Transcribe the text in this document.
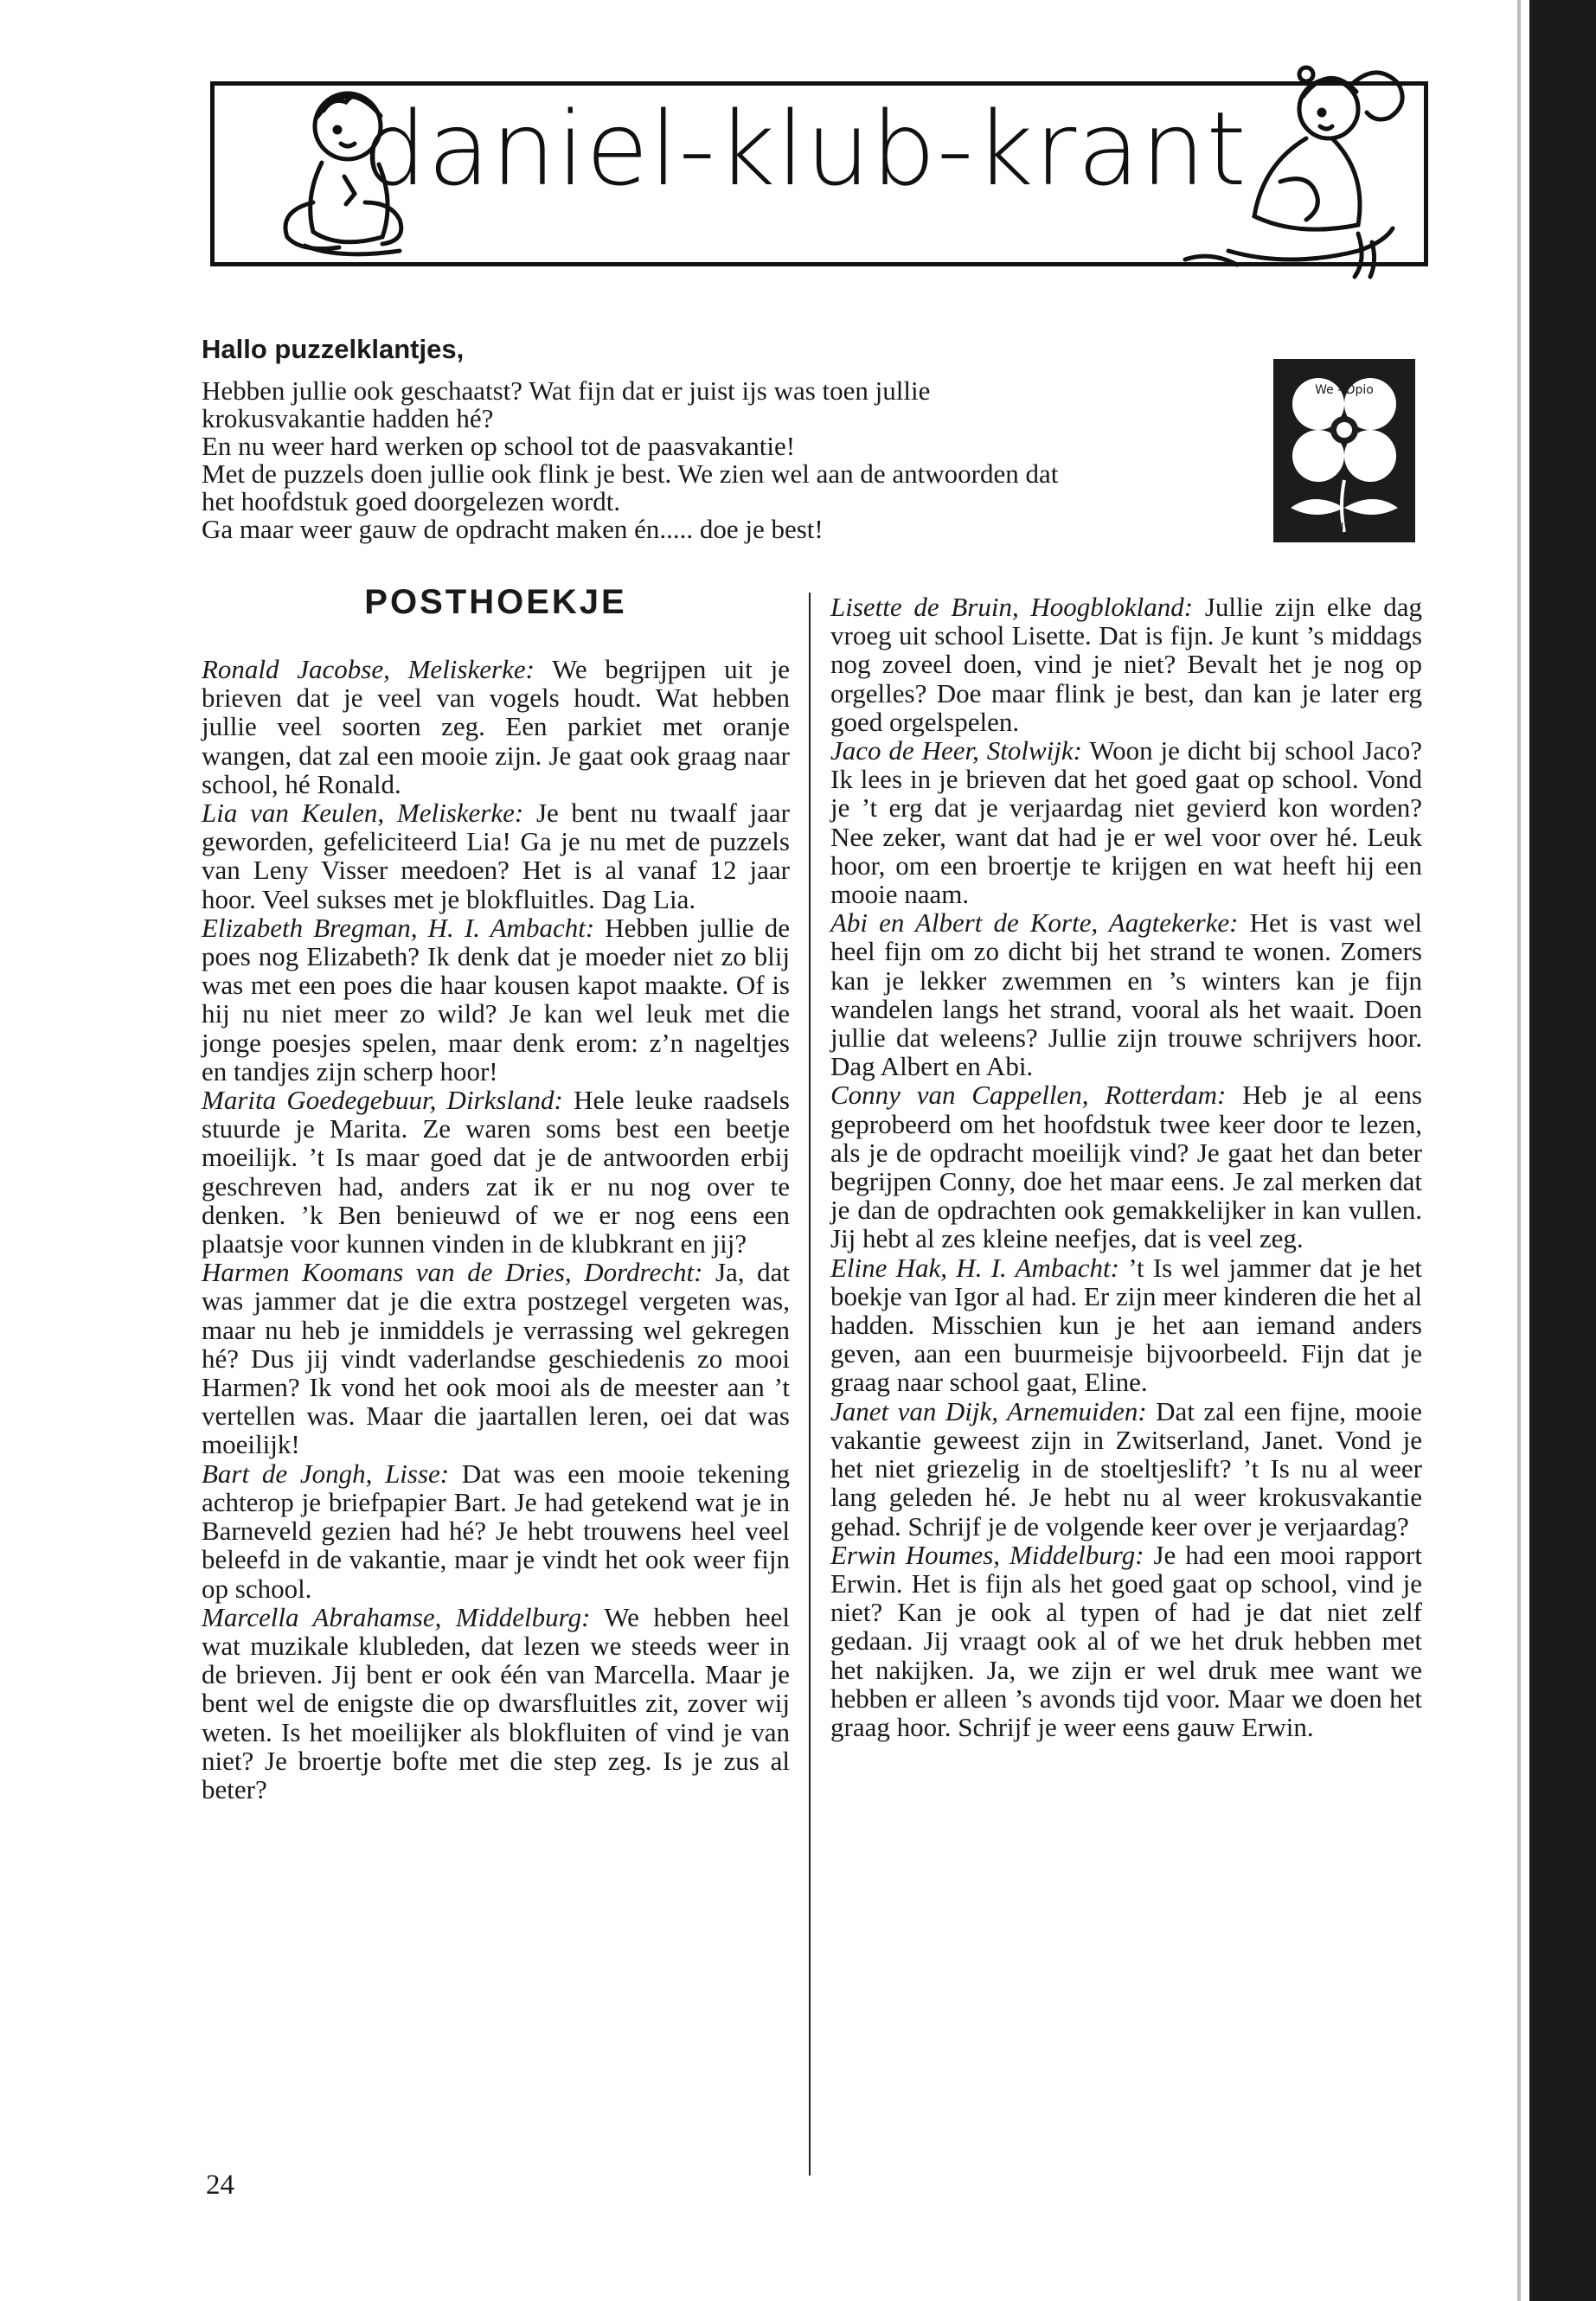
daniel-klub-krant
Hallo puzzelklantjes,

Hebben jullie ook geschaatst? Wat fijn dat er juist ijs was toen jullie

krokusvakantie hadden hé?

En nu weer hard werken op school tot de paasvakantie!

Met de puzzels doen jullie ook flink je best. We zien wel aan de antwoorden dat

het hoofdstuk goed doorgelezen wordt.

Ga maar weer gauw de opdracht maken én..... doe je best!

We - Dpio
daniël - klub
POSTHOEKJE

Ronald Jacobse, Meliskerke: We begrijpen uit je brieven dat je veel van vogels houdt. Wat hebben jullie veel soorten zeg. Een parkiet met oranje wangen, dat zal een mooie zijn. Je gaat ook graag naar school, hé Ronald.

Lia van Keulen, Meliskerke: Je bent nu twaalf jaar geworden, gefeliciteerd Lia! Ga je nu met de puzzels van Leny Visser meedoen? Het is al vanaf 12 jaar hoor. Veel sukses met je blokfluitles. Dag Lia.

Elizabeth Bregman, H. I. Ambacht: Hebben jullie de poes nog Elizabeth? Ik denk dat je moeder niet zo blij was met een poes die haar kousen kapot maakte. Of is hij nu niet meer zo wild? Je kan wel leuk met die jonge poesjes spelen, maar denk erom: z’n nageltjes en tandjes zijn scherp hoor!

Marita Goedegebuur, Dirksland: Hele leuke raadsels stuurde je Marita. Ze waren soms best een beetje moeilijk. ’t Is maar goed dat je de antwoorden erbij geschreven had, anders zat ik er nu nog over te denken. ’k Ben benieuwd of we er nog eens een plaatsje voor kunnen vinden in de klubkrant en jij?

Harmen Koomans van de Dries, Dordrecht: Ja, dat was jammer dat je die extra postzegel vergeten was, maar nu heb je inmiddels je verrassing wel gekregen hé? Dus jij vindt vaderlandse geschiedenis zo mooi Harmen? Ik vond het ook mooi als de meester aan ’t vertellen was. Maar die jaartallen leren, oei dat was moeilijk!

Bart de Jongh, Lisse: Dat was een mooie tekening achterop je briefpapier Bart. Je had getekend wat je in Barneveld gezien had hé? Je hebt trouwens heel veel beleefd in de vakantie, maar je vindt het ook weer fijn op school.

Marcella Abrahamse, Middelburg: We hebben heel wat muzikale klubleden, dat lezen we steeds weer in de brieven. Jij bent er ook één van Marcella. Maar je bent wel de enigste die op dwarsfluitles zit, zover wij weten. Is het moeilijker als blokfluiten of vind je van niet? Je broertje bofte met die step zeg. Is je zus al beter?

Lisette de Bruin, Hoogblokland: Jullie zijn elke dag vroeg uit school Lisette. Dat is fijn. Je kunt ’s middags nog zoveel doen, vind je niet? Bevalt het je nog op orgelles? Doe maar flink je best, dan kan je later erg goed orgelspelen.

Jaco de Heer, Stolwijk: Woon je dicht bij school Jaco? Ik lees in je brieven dat het goed gaat op school. Vond je ’t erg dat je verjaardag niet gevierd kon worden? Nee zeker, want dat had je er wel voor over hé. Leuk hoor, om een broertje te krijgen en wat heeft hij een mooie naam.

Abi en Albert de Korte, Aagtekerke: Het is vast wel heel fijn om zo dicht bij het strand te wonen. Zomers kan je lekker zwemmen en ’s winters kan je fijn wandelen langs het strand, vooral als het waait. Doen jullie dat weleens? Jullie zijn trouwe schrijvers hoor. Dag Albert en Abi.

Conny van Cappellen, Rotterdam: Heb je al eens geprobeerd om het hoofdstuk twee keer door te lezen, als je de opdracht moeilijk vind? Je gaat het dan beter begrijpen Conny, doe het maar eens. Je zal merken dat je dan de opdrachten ook gemakkelijker in kan vullen. Jij hebt al zes kleine neefjes, dat is veel zeg.

Eline Hak, H. I. Ambacht: ’t Is wel jammer dat je het boekje van Igor al had. Er zijn meer kinderen die het al hadden. Misschien kun je het aan iemand anders geven, aan een buurmeisje bijvoorbeeld. Fijn dat je graag naar school gaat, Eline.

Janet van Dijk, Arnemuiden: Dat zal een fijne, mooie vakantie geweest zijn in Zwitserland, Janet. Vond je het niet griezelig in de stoeltjeslift? ’t Is nu al weer lang geleden hé. Je hebt nu al weer krokusvakantie gehad. Schrijf je de volgende keer over je verjaardag?

Erwin Houmes, Middelburg: Je had een mooi rapport Erwin. Het is fijn als het goed gaat op school, vind je niet? Kan je ook al typen of had je dat niet zelf gedaan. Jij vraagt ook al of we het druk hebben met het nakijken. Ja, we zijn er wel druk mee want we hebben er alleen ’s avonds tijd voor. Maar we doen het graag hoor. Schrijf je weer eens gauw Erwin.

24
